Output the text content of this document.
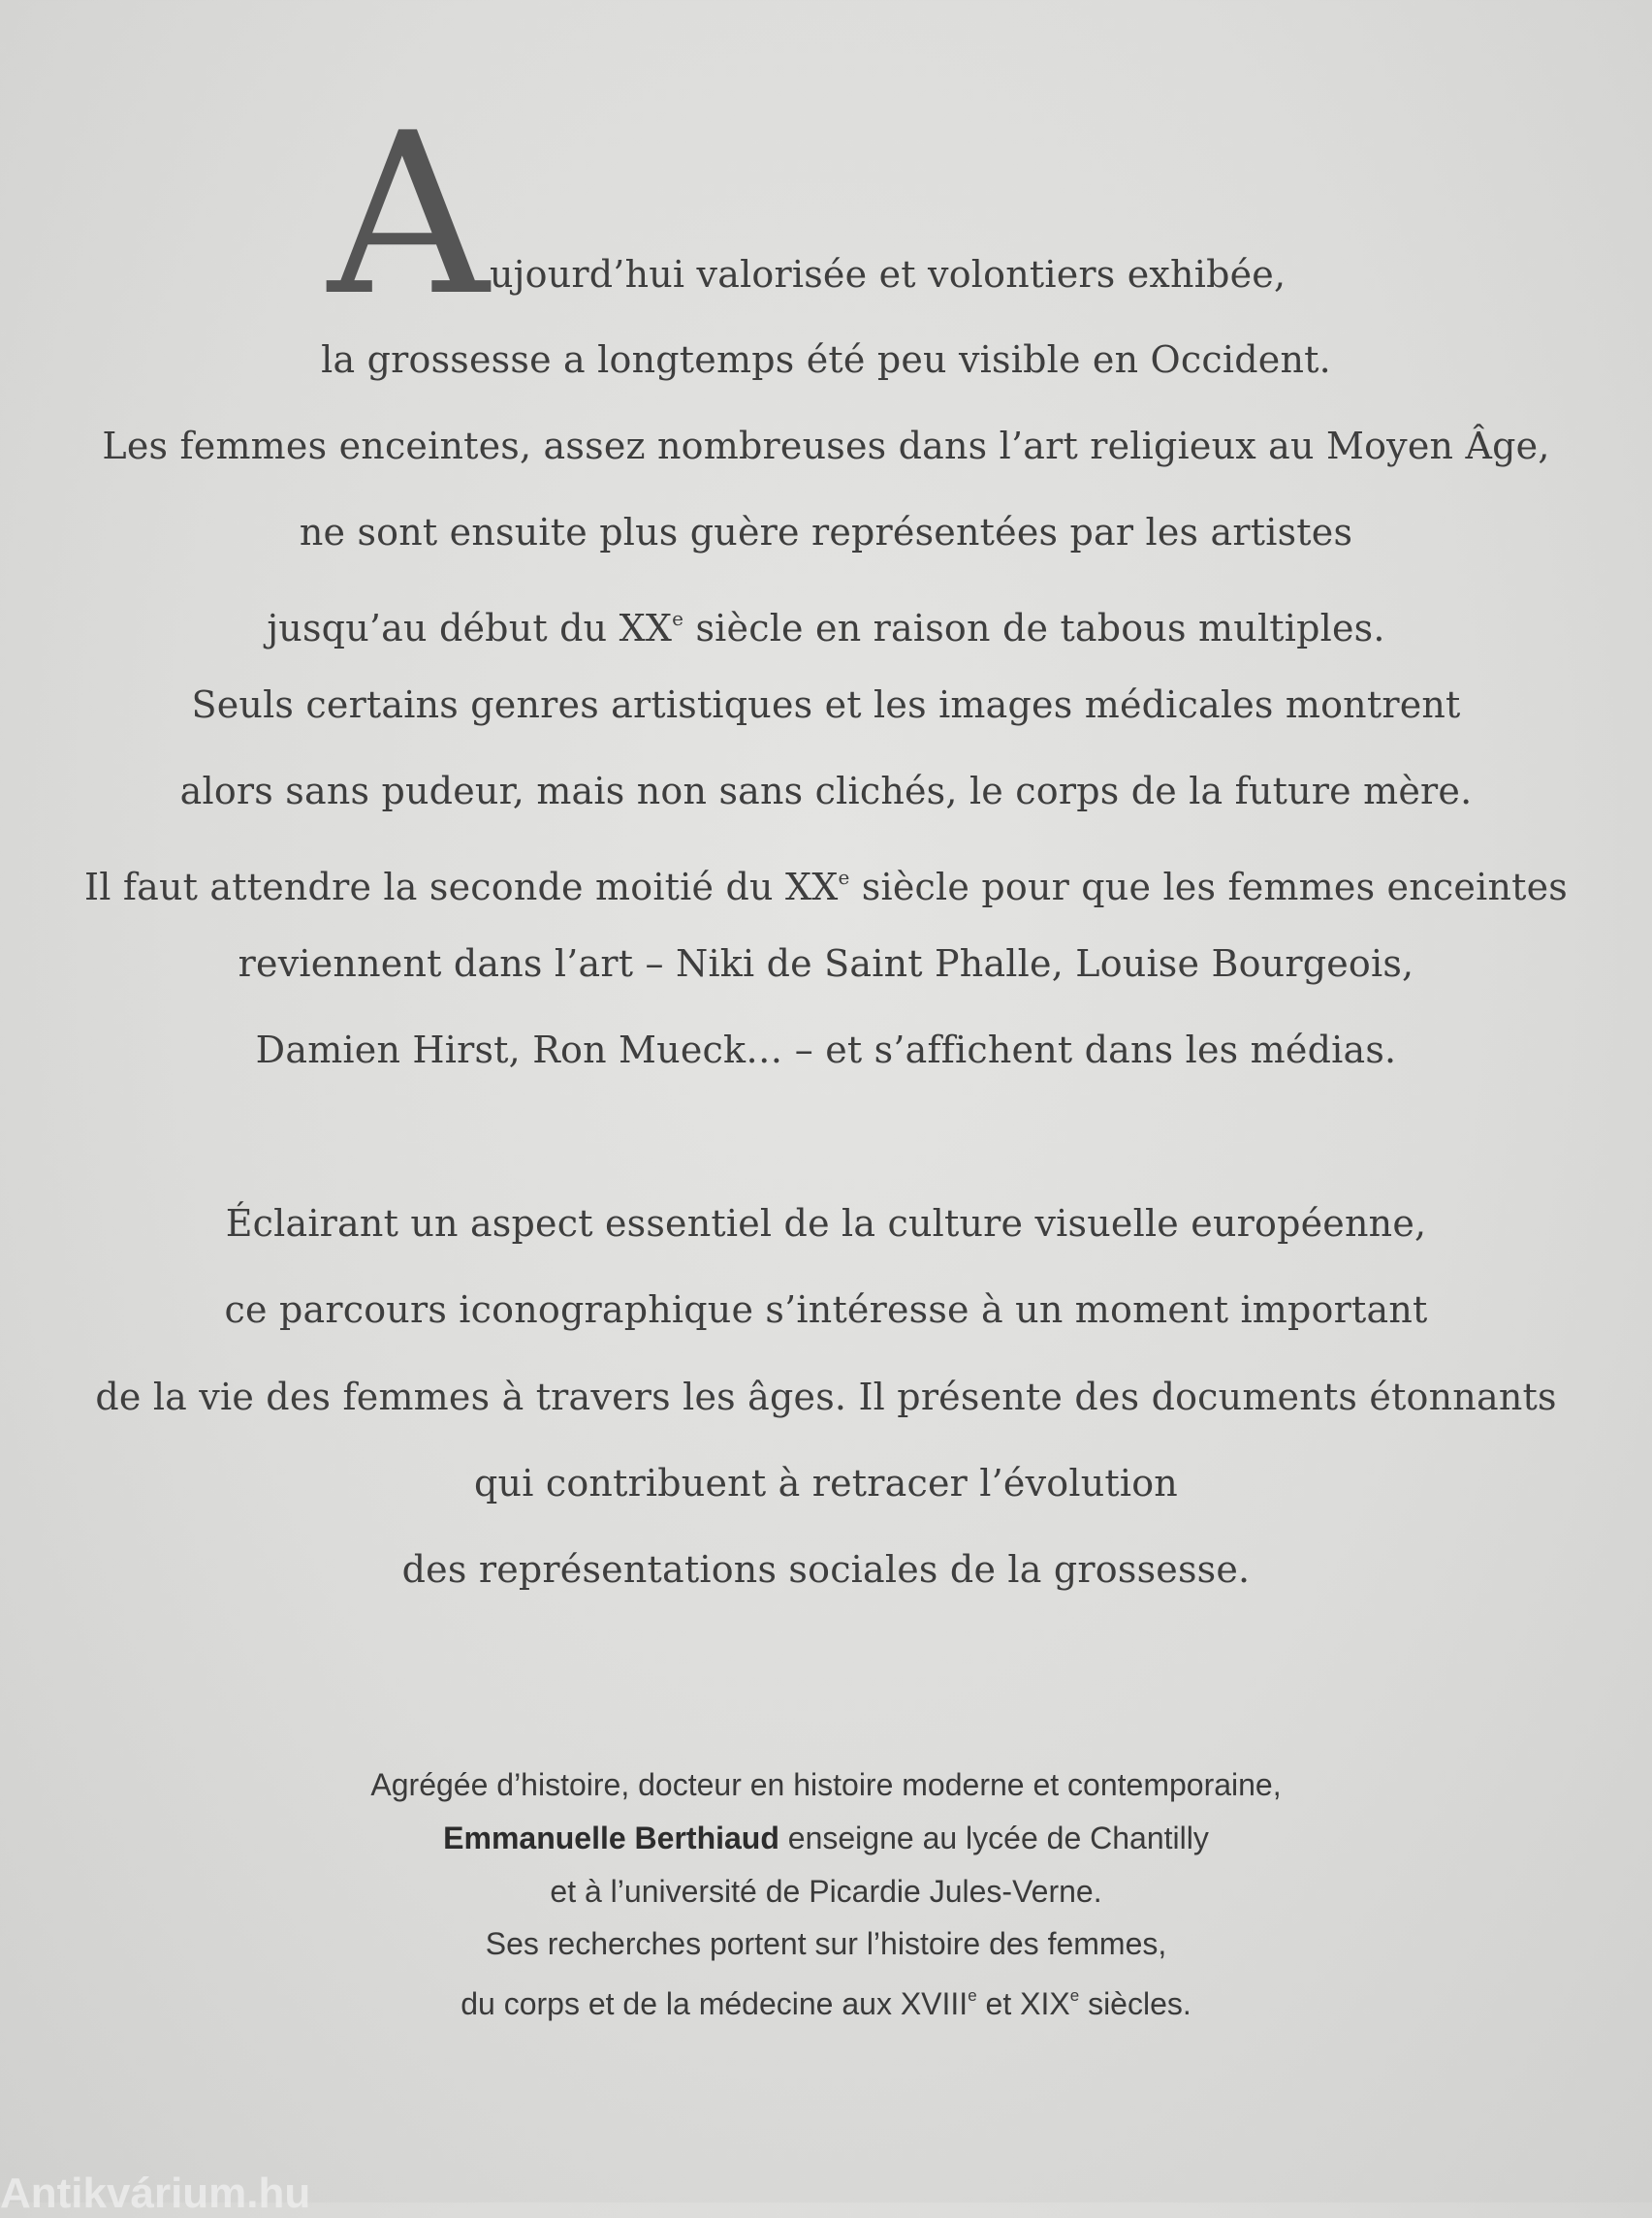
A ujourd’hui valorisée et volontiers exhibée,
la grossesse a longtemps été peu visible en Occident.
Les femmes enceintes, assez nombreuses dans l’art religieux au Moyen Âge,
ne sont ensuite plus guère représentées par les artistes
jusqu’au début du XXe siècle en raison de tabous multiples.
Seuls certains genres artistiques et les images médicales montrent
alors sans pudeur, mais non sans clichés, le corps de la future mère.
Il faut attendre la seconde moitié du XXe siècle pour que les femmes enceintes
reviennent dans l’art – Niki de Saint Phalle, Louise Bourgeois,
Damien Hirst, Ron Mueck… – et s’affichent dans les médias.
Éclairant un aspect essentiel de la culture visuelle européenne,
ce parcours iconographique s’intéresse à un moment important
de la vie des femmes à travers les âges. Il présente des documents étonnants
qui contribuent à retracer l’évolution
des représentations sociales de la grossesse.
Agrégée d’histoire, docteur en histoire moderne et contemporaine,
Emmanuelle Berthiaud enseigne au lycée de Chantilly
et à l’université de Picardie Jules-Verne.
Ses recherches portent sur l’histoire des femmes,
du corps et de la médecine aux XVIIIe et XIXe siècles.
Antikvárium.hu
